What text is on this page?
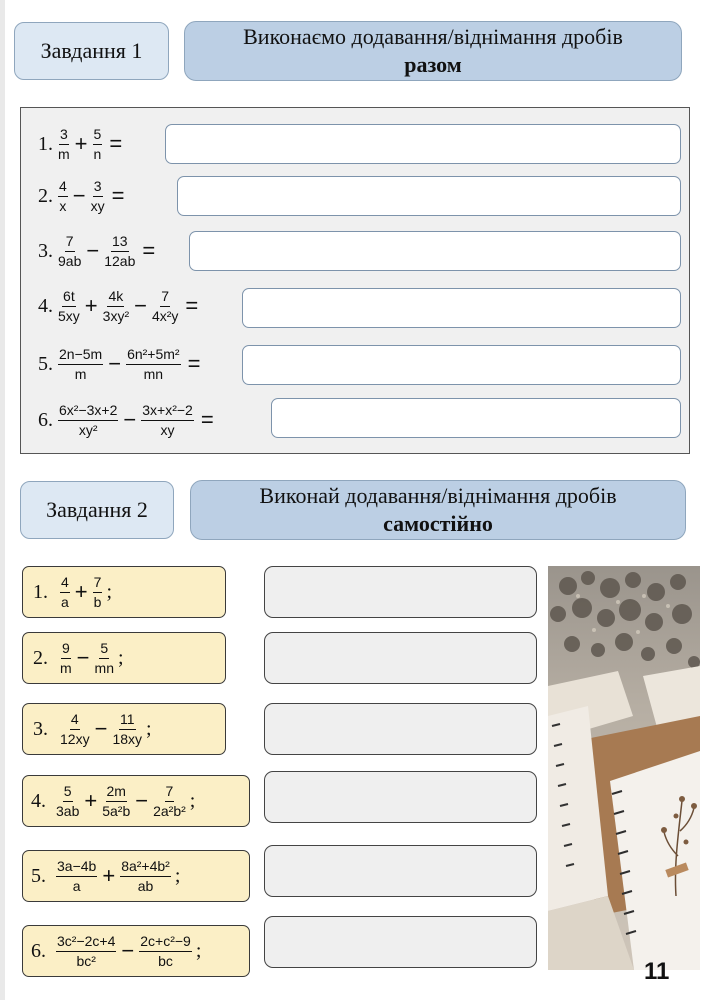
Завдання 1
Виконаємо додавання/віднімання дробів
разом
1. $\frac{3}{m} + \frac{5}{n}$ =
2. $\frac{4}{x} - \frac{3}{xy}$ =
3. $\frac{7}{9ab} - \frac{13}{12ab}$ =
4. $\frac{6t}{5xy} + \frac{4k}{\text{3xy²}} - \frac{7}{\text{4x²y}}$ =
5. $\frac{2n-5m}{m} - \frac{\text{6n²+5m²}}{mn}$ =
6. $\frac{\text{6x²−3x+2}}{\text{xy²}} - \frac{\text{3x+x²−2}}{xy}$ =
Завдання 2
Виконай додавання/віднімання дробів
самостійно
1. $\frac{4}{a} + \frac{7}{b}$ ;
2. $\frac{9}{m} - \frac{5}{mn}$ ;
3. $\frac{4}{12xy} - \frac{11}{18xy}$ ;
4. $\frac{5}{3ab} + \frac{2m}{\text{5a²b}} - \frac{7}{\text{2a²b²}}$ ;
5. $\frac{3a-4b}{a} + \frac{\text{8a²+4b²}}{ab}$ ;
6. $\frac{\text{3c²−2c+4}}{\text{bc²}} - \frac{\text{2c+c²−9}}{bc}$ ;
11
